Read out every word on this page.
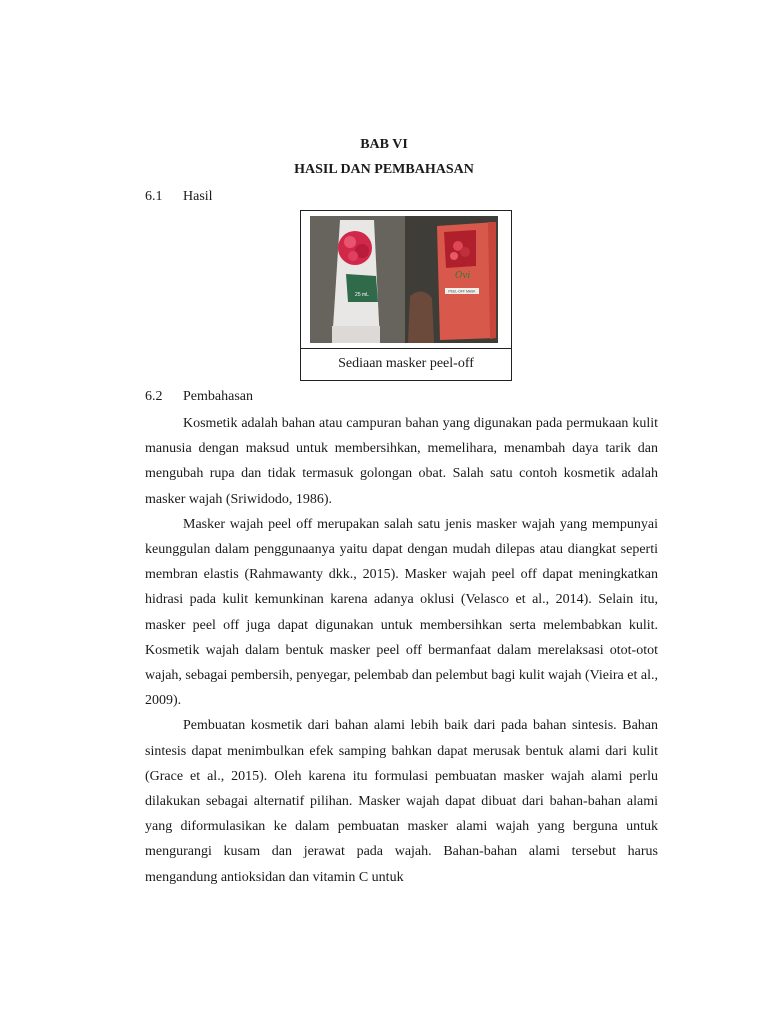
BAB VI
HASIL DAN PEMBAHASAN
6.1 Hasil
25 mL
Ovi
PEEL-OFF MASK
Sediaan masker peel-off
6.2 Pembahasan

Kosmetik adalah bahan atau campuran bahan yang digunakan pada permukaan kulit manusia dengan maksud untuk membersihkan, memelihara, menambah daya tarik dan mengubah rupa dan tidak termasuk golongan obat. Salah satu contoh kosmetik adalah masker wajah (Sriwidodo, 1986).

Masker wajah peel off merupakan salah satu jenis masker wajah yang mempunyai keunggulan dalam penggunaanya yaitu dapat dengan mudah dilepas atau diangkat seperti membran elastis (Rahmawanty dkk., 2015). Masker wajah peel off dapat meningkatkan hidrasi pada kulit kemunkinan karena adanya oklusi (Velasco et al., 2014). Selain itu, masker peel off juga dapat digunakan untuk membersihkan serta melembabkan kulit. Kosmetik wajah dalam bentuk masker peel off bermanfaat dalam merelaksasi otot-otot wajah, sebagai pembersih, penyegar, pelembab dan pelembut bagi kulit wajah (Vieira et al., 2009).

Pembuatan kosmetik dari bahan alami lebih baik dari pada bahan sintesis. Bahan sintesis dapat menimbulkan efek samping bahkan dapat merusak bentuk alami dari kulit (Grace et al., 2015). Oleh karena itu formulasi pembuatan masker wajah alami perlu dilakukan sebagai alternatif pilihan. Masker wajah dapat dibuat dari bahan-bahan alami yang diformulasikan ke dalam pembuatan masker alami wajah yang berguna untuk mengurangi kusam dan jerawat pada wajah. Bahan-bahan alami tersebut harus mengandung antioksidan dan vitamin C untuk
